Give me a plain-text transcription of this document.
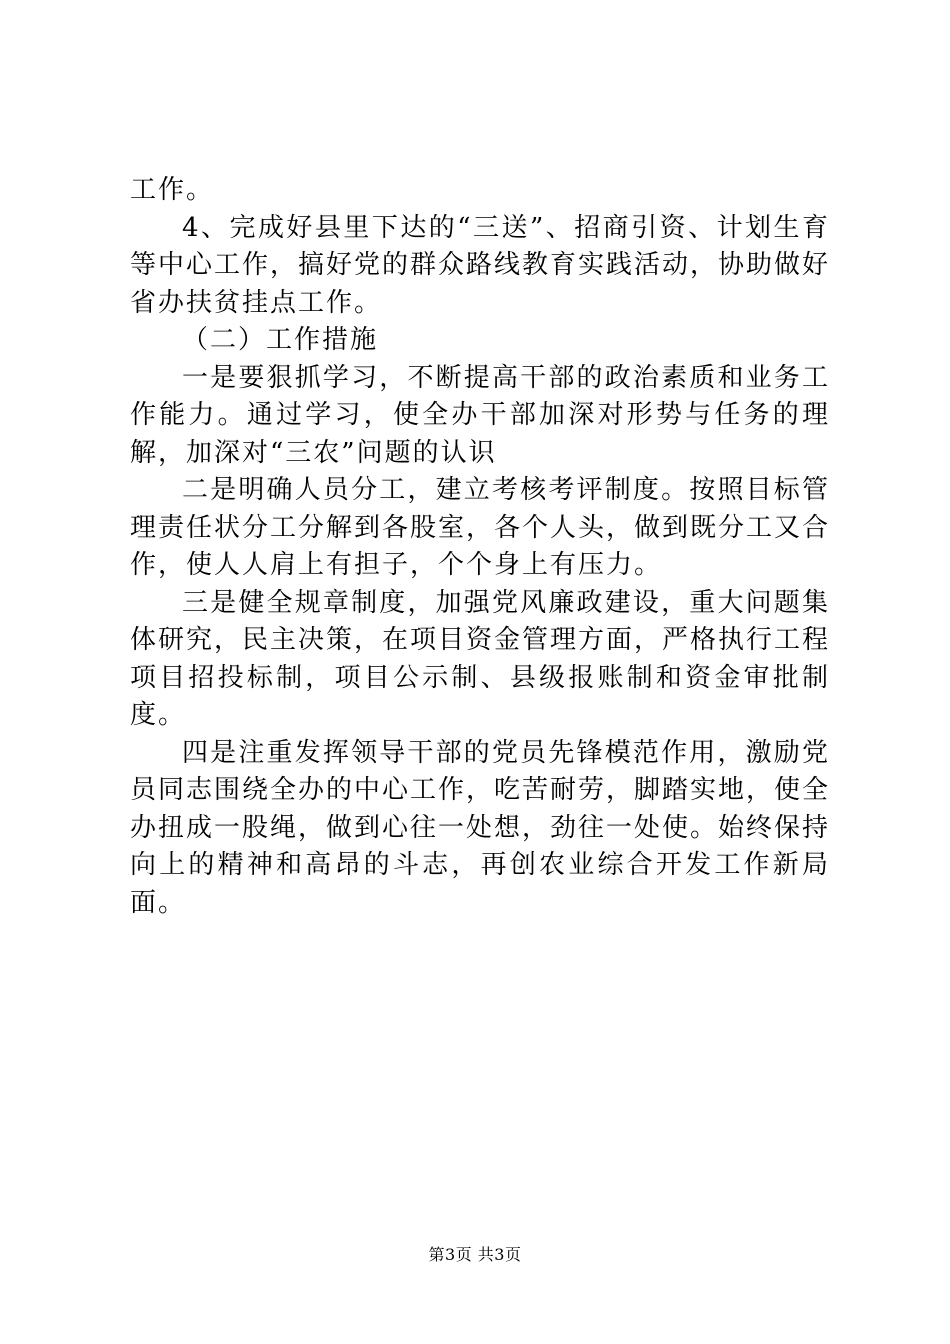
工作。

4、完成好县里下达的“三送”、招商引资、计划生育等中心工作，搞好党的群众路线教育实践活动，协助做好省办扶贫挂点工作。

（二）工作措施

一是要狠抓学习，不断提高干部的政治素质和业务工作能力。通过学习，使全办干部加深对形势与任务的理解，加深对“三农”问题的认识

二是明确人员分工，建立考核考评制度。按照目标管理责任状分工分解到各股室，各个人头，做到既分工又合作，使人人肩上有担子，个个身上有压力。

三是健全规章制度，加强党风廉政建设，重大问题集体研究，民主决策，在项目资金管理方面，严格执行工程项目招投标制，项目公示制、县级报账制和资金审批制度。

四是注重发挥领导干部的党员先锋模范作用，激励党员同志围绕全办的中心工作，吃苦耐劳，脚踏实地，使全办扭成一股绳，做到心往一处想，劲往一处使。始终保持向上的精神和高昂的斗志，再创农业综合开发工作新局面。

第3页 共3页
